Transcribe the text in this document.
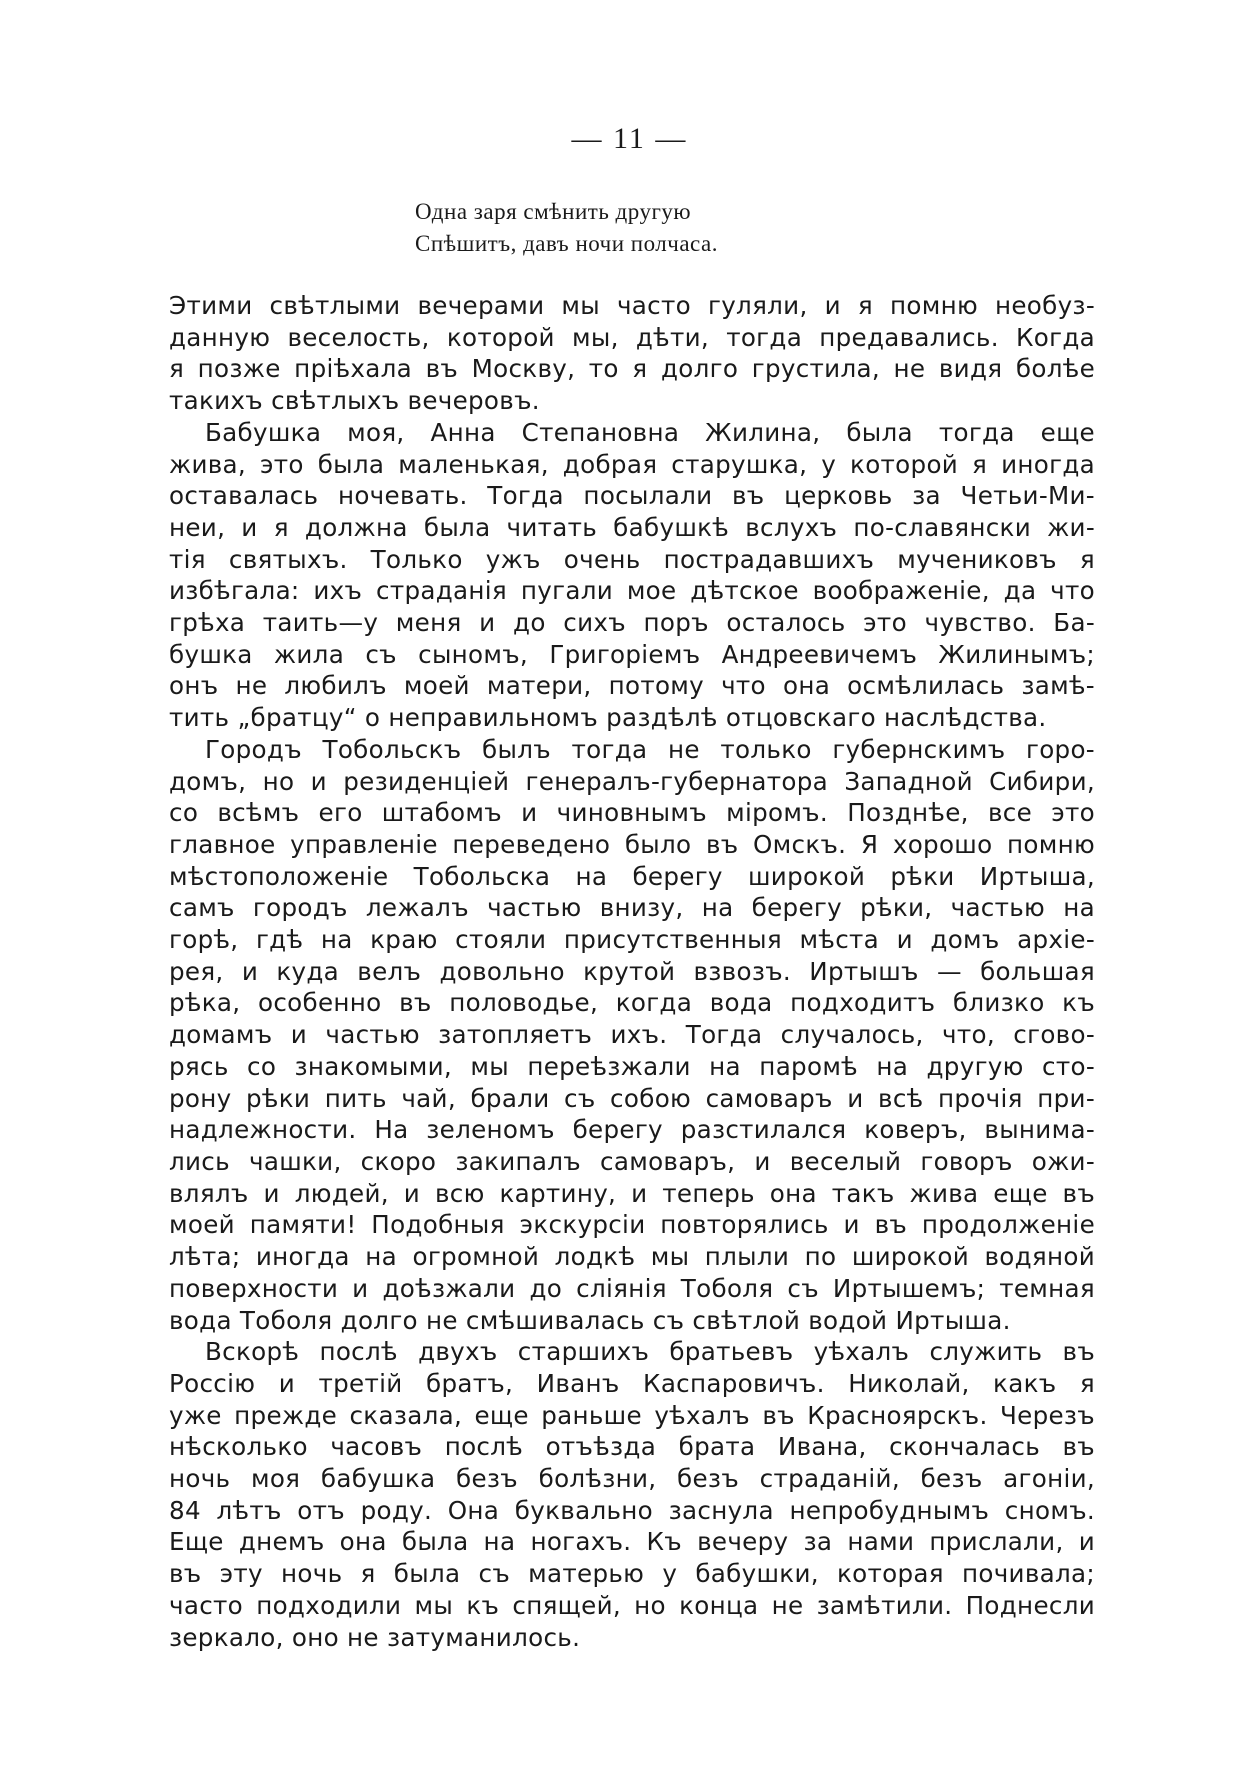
— 11 —
Одна заря смѣнить другую
Спѣшитъ, давъ ночи полчаса.
Этими свѣтлыми вечерами мы часто гуляли, и я помню необуз-
данную веселость, которой мы, дѣти, тогда предавались. Когда
я позже пріѣхала въ Москву, то я долго грустила, не видя болѣе
такихъ свѣтлыхъ вечеровъ.
Бабушка моя, Анна Степановна Жилина, была тогда еще
жива, это была маленькая, добрая старушка, у которой я иногда
оставалась ночевать. Тогда посылали въ церковь за Четьи-Ми-
неи, и я должна была читать бабушкѣ вслухъ по-славянски жи-
тія святыхъ. Только ужъ очень пострадавшихъ мучениковъ я
избѣгала: ихъ страданія пугали мое дѣтское воображеніе, да что
грѣха таить—у меня и до сихъ поръ осталось это чувство. Ба-
бушка жила съ сыномъ, Григоріемъ Андреевичемъ Жилинымъ;
онъ не любилъ моей матери, потому что она осмѣлилась замѣ-
тить „братцу“ о неправильномъ раздѣлѣ отцовскаго наслѣдства.
Городъ Тобольскъ былъ тогда не только губернскимъ горо-
домъ, но и резиденціей генералъ-губернатора Западной Сибири,
со всѣмъ его штабомъ и чиновнымъ міромъ. Позднѣе, все это
главное управленіе переведено было въ Омскъ. Я хорошо помню
мѣстоположеніе Тобольска на берегу широкой рѣки Иртыша,
самъ городъ лежалъ частью внизу, на берегу рѣки, частью на
горѣ, гдѣ на краю стояли присутственныя мѣста и домъ архіе-
рея, и куда велъ довольно крутой взвозъ. Иртышъ — большая
рѣка, особенно въ половодье, когда вода подходитъ близко къ
домамъ и частью затопляетъ ихъ. Тогда случалось, что, сгово-
рясь со знакомыми, мы переѣзжали на паромѣ на другую сто-
рону рѣки пить чай, брали съ собою самоваръ и всѣ прочія при-
надлежности. На зеленомъ берегу разстилался коверъ, вынима-
лись чашки, скоро закипалъ самоваръ, и веселый говоръ ожи-
влялъ и людей, и всю картину, и теперь она такъ жива еще въ
моей памяти! Подобныя экскурсіи повторялись и въ продолженіе
лѣта; иногда на огромной лодкѣ мы плыли по широкой водяной
поверхности и доѣзжали до сліянія Тоболя съ Иртышемъ; темная
вода Тоболя долго не смѣшивалась съ свѣтлой водой Иртыша.
Вскорѣ послѣ двухъ старшихъ братьевъ уѣхалъ служить въ
Россію и третій братъ, Иванъ Каспаровичъ. Николай, какъ я
уже прежде сказала, еще раньше уѣхалъ въ Красноярскъ. Черезъ
нѣсколько часовъ послѣ отъѣзда брата Ивана, скончалась въ
ночь моя бабушка безъ болѣзни, безъ страданій, безъ агоніи,
84 лѣтъ отъ роду. Она буквально заснула непробуднымъ сномъ.
Еще днемъ она была на ногахъ. Къ вечеру за нами прислали, и
въ эту ночь я была съ матерью у бабушки, которая почивала;
часто подходили мы къ спящей, но конца не замѣтили. Поднесли
зеркало, оно не затуманилось.
